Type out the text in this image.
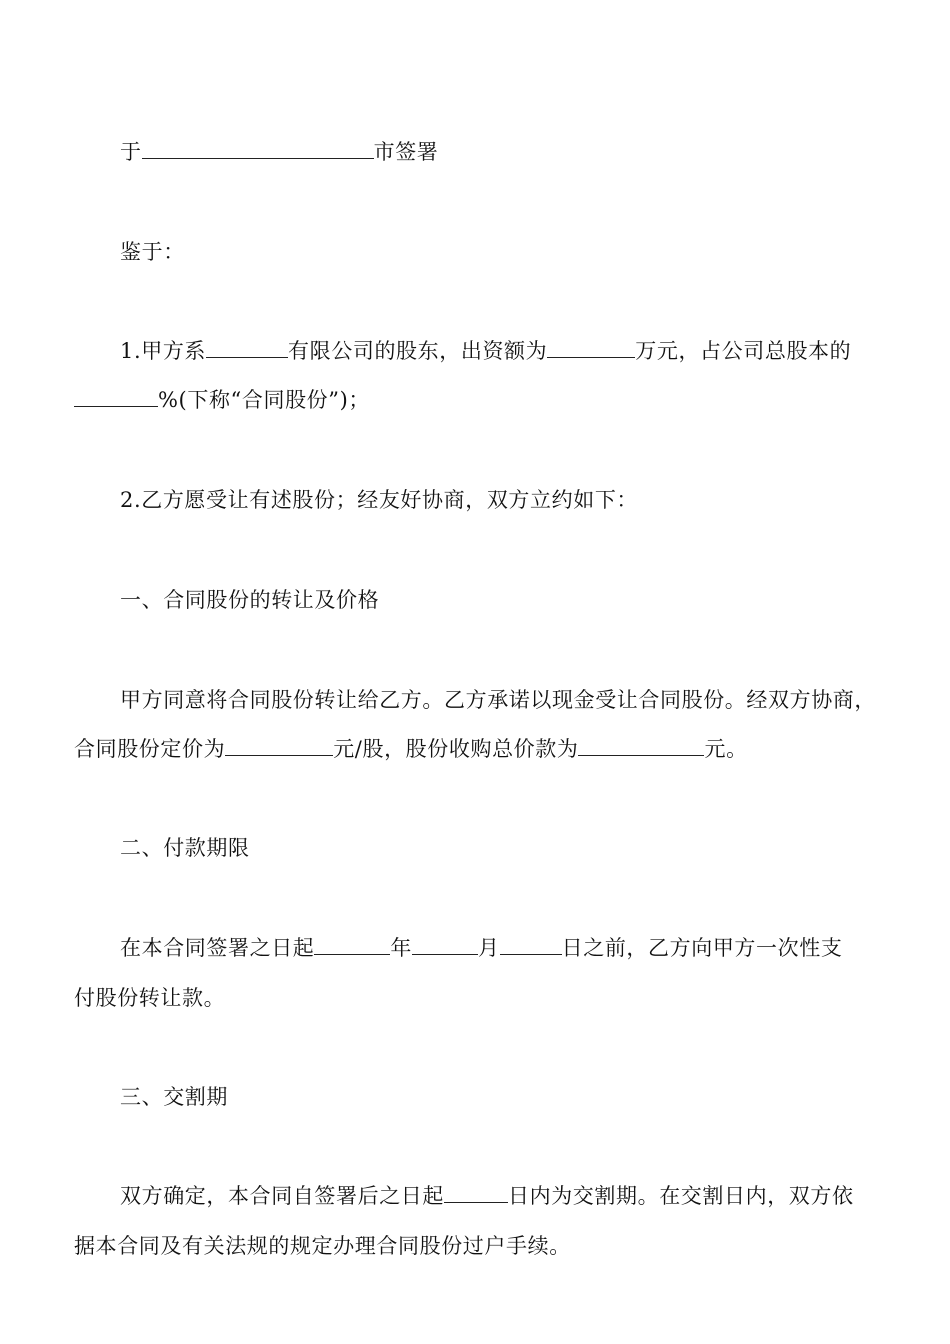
于	市签署
鉴于：
1.甲方系	有限公司的股东，出资额为	万元，占公司总股本的
%(下称“合同股份”)；
2.乙方愿受让有述股份；经友好协商，双方立约如下：
一、合同股份的转让及价格
甲方同意将合同股份转让给乙方。乙方承诺以现金受让合同股份。经双方协商，
合同股份定价为	元/股，股份收购总价款为	元。
二、付款期限
在本合同签署之日起	年	月	日之前，乙方向甲方一次性支
付股份转让款。
三、交割期
双方确定，本合同自签署后之日起	日内为交割期。在交割日内，双方依
据本合同及有关法规的规定办理合同股份过户手续。
